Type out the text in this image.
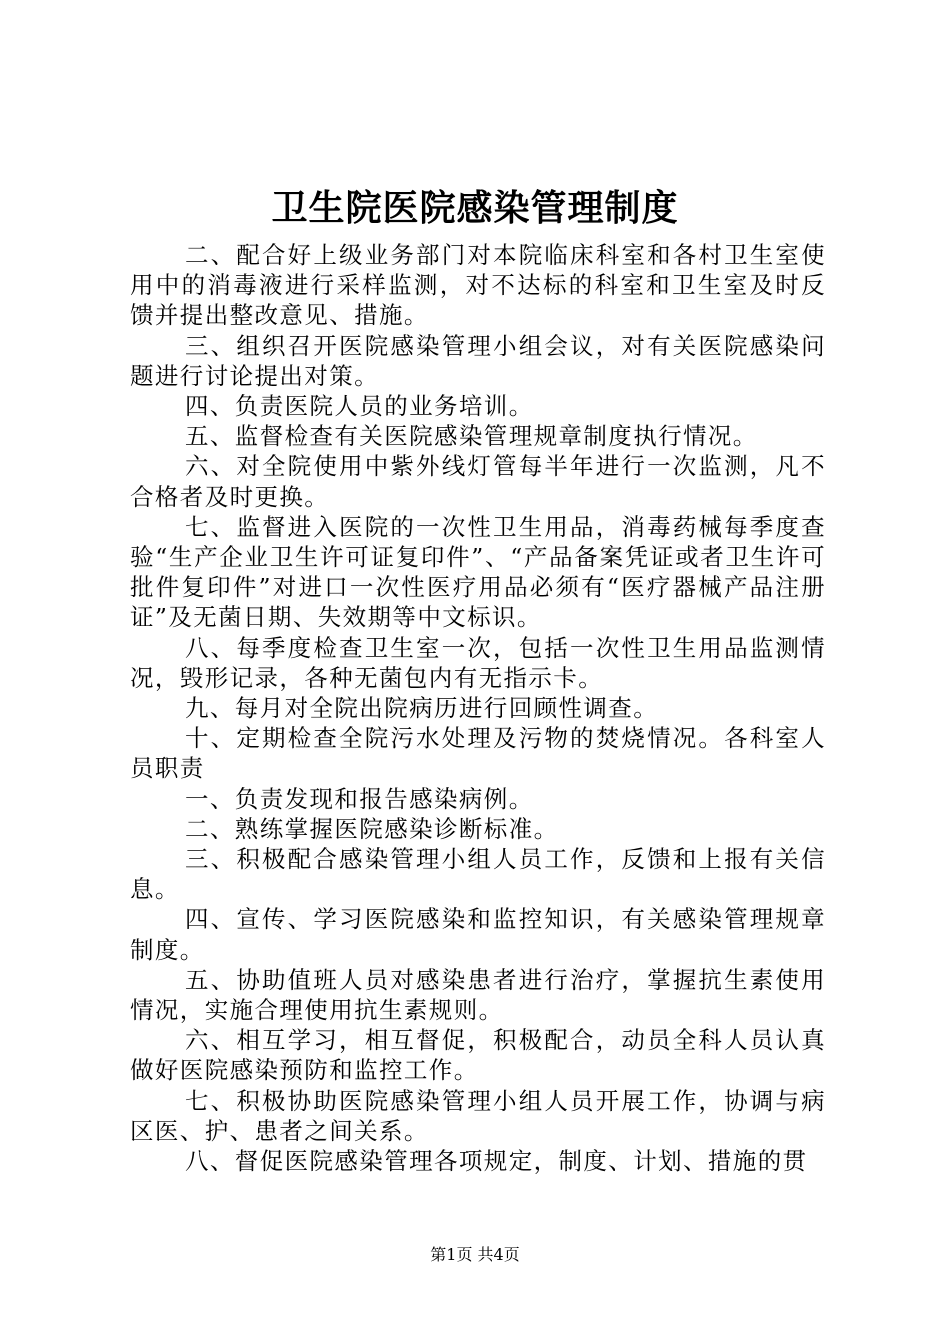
卫生院医院感染管理制度

二、配合好上级业务部门对本院临床科室和各村卫生室使用中的消毒液进行采样监测，对不达标的科室和卫生室及时反馈并提出整改意见、措施。

三、组织召开医院感染管理小组会议，对有关医院感染问题进行讨论提出对策。

四、负责医院人员的业务培训。

五、监督检查有关医院感染管理规章制度执行情况。

六、对全院使用中紫外线灯管每半年进行一次监测，凡不合格者及时更换。

七、监督进入医院的一次性卫生用品，消毒药械每季度查验“生产企业卫生许可证复印件”、“产品备案凭证或者卫生许可批件复印件”对进口一次性医疗用品必须有“医疗器械产品注册证”及无菌日期、失效期等中文标识。

八、每季度检查卫生室一次，包括一次性卫生用品监测情况，毁形记录，各种无菌包内有无指示卡。

九、每月对全院出院病历进行回顾性调查。

十、定期检查全院污水处理及污物的焚烧情况。各科室人员职责

一、负责发现和报告感染病例。

二、熟练掌握医院感染诊断标准。

三、积极配合感染管理小组人员工作，反馈和上报有关信息。

四、宣传、学习医院感染和监控知识，有关感染管理规章制度。

五、协助值班人员对感染患者进行治疗，掌握抗生素使用情况，实施合理使用抗生素规则。

六、相互学习，相互督促，积极配合，动员全科人员认真做好医院感染预防和监控工作。

七、积极协助医院感染管理小组人员开展工作，协调与病区医、护、患者之间关系。

八、督促医院感染管理各项规定，制度、计划、措施的贯

第1页 共4页
